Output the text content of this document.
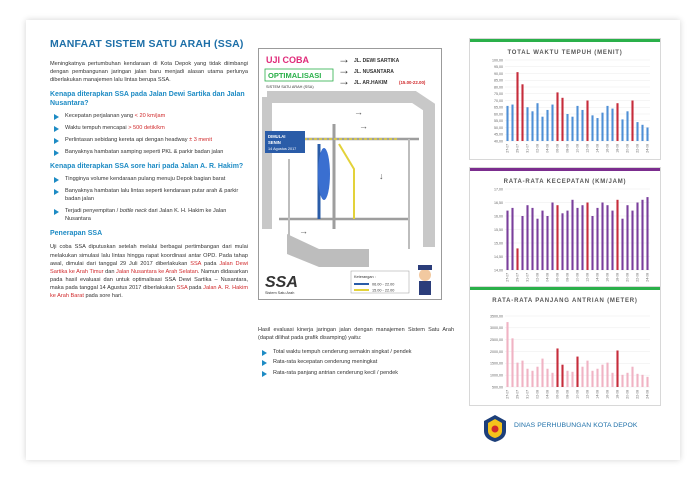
MANFAAT SISTEM SATU ARAH (SSA)

Meningkatnya pertumbuhan kendaraan di Kota Depok yang tidak diimbangi dengan pembangunan jaringan jalan baru menjadi alasan utama perlunya diberlakukan manajemen lalu lintas berupa SSA.

Kenapa diterapkan SSA pada Jalan Dewi Sartika dan Jalan Nusantara?
Kecepatan perjalanan yang < 20 km/jam
Waktu tempuh mencapai > 500 detik/km
Perlintasan sebidang kereta api dengan headway ± 3 menit
Banyaknya hambatan samping seperti PKL & parkir badan jalan
Kenapa diterapkan SSA sore hari pada Jalan A. R. Hakim?
Tingginya volume kendaraan pulang menuju Depok bagian barat
Banyaknya hambatan lalu lintas seperti kendaraan putar arah & parkir badan jalan
Terjadi penyempitan / bottle neck dari Jalan K. H. Hakim ke Jalan Nusantara
Penerapan SSA

Uji coba SSA diputuskan setelah melalui berbagai pertimbangan dari mulai melakukan simulasi lalu lintas hingga rapat koordinasi antar OPD. Pada tahap awal, dimulai dari tanggal 29 Juli 2017 diberlakukan SSA pada Jalan Dewi Sartika ke Arah Timur dan Jalan Nusantara ke Arah Selatan. Namun didasarkan pada hasil evaluasi dan untuk optimalisasi SSA Dewi Sartika – Nusantara, maka pada tanggal 14 Agustus 2017 diberlakukan SSA pada Jalan A. R. Hakim ke Arah Barat pada sore hari.

UJI COBA
OPTIMALISASI
SISTEM SATU ARAH (SSA)
→
→
→
JL. DEWI SARTIKA
JL. NUSANTARA
JL. AR.HAKIM	(15.00-22.00)
→
→
→
↓
DIMULAI
SENIN
14 Agustus 2017
SSA
Sistem Satu Arah
Keterangan :
06.00 - 22.00
15.00 - 22.00

Hasil evaluasi kinerja jaringan jalan dengan manajemen Sistem Satu Arah (dapat dilihat pada grafik disamping) yaitu:

Total waktu tempuh cenderung semakin singkat / pendek
Rata-rata kecepatan cenderung meningkat
Rata-rata panjang antrian cenderung kecil / pendek
TOTAL WAKTU TEMPUH (MENIT)
100,00
95,00
90,00
85,00
80,00
75,00
70,00
65,00
60,00
55,00
50,00
45,00
40,00
27-07 29-07 31-07 02-08 04-08 06-08 08-08 10-08 12-08 14-08 16-08 18-08 20-08 22-08 24-08
RATA-RATA KECEPATAN (KM/JAM)
17,00
16,50
16,00
15,50
15,00
14,50
14,00
27-07 29-07 31-07 02-08 04-08 06-08 08-08 10-08 12-08 14-08 16-08 18-08 20-08 22-08 24-08
RATA-RATA PANJANG ANTRIAN (METER)
3500,00
3000,00
2500,00
2000,00
1500,00
1000,00
500,00
27-07 29-07 31-07 02-08 04-08 06-08 08-08 10-08 12-08 14-08 16-08 18-08 20-08 22-08 24-08
DINAS PERHUBUNGAN KOTA DEPOK
